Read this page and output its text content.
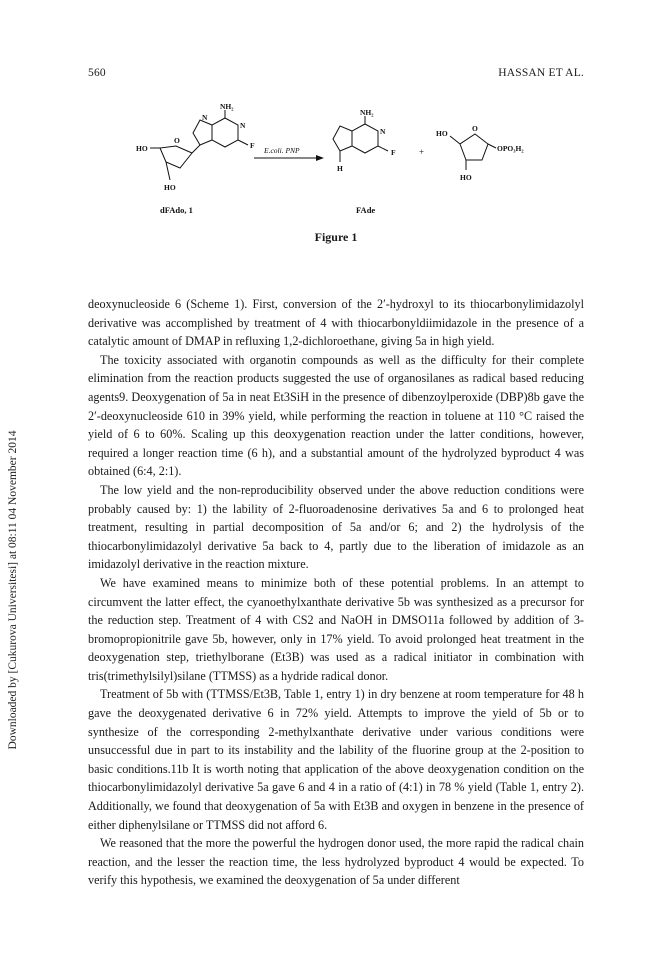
560	HASSAN ET AL.
NH₂
N
N
F
HO
O
HO
E.coli. PNP
NH₂
N
F
H
+
HO
O
OPO₃H₂
HO
dFAdo, 1	FAde
Figure 1
Downloaded by [Cukurova Universitesi] at 08:11 04 November 2014

deoxynucleoside 6 (Scheme 1). First, conversion of the 2′-hydroxyl to its thiocarbonylimidazolyl derivative was accomplished by treatment of 4 with thiocarbonyldiimidazole in the presence of a catalytic amount of DMAP in refluxing 1,2-dichloroethane, giving 5a in high yield.

The toxicity associated with organotin compounds as well as the difficulty for their complete elimination from the reaction products suggested the use of organosilanes as radical based reducing agents9. Deoxygenation of 5a in neat Et3SiH in the presence of dibenzoylperoxide (DBP)8b gave the 2′-deoxynucleoside 610 in 39% yield, while performing the reaction in toluene at 110 °C raised the yield of 6 to 60%. Scaling up this deoxygenation reaction under the latter conditions, however, required a longer reaction time (6 h), and a substantial amount of the hydrolyzed byproduct 4 was obtained (6:4, 2:1).

The low yield and the non-reproducibility observed under the above reduction conditions were probably caused by: 1) the lability of 2-fluoroadenosine derivatives 5a and 6 to prolonged heat treatment, resulting in partial decomposition of 5a and/or 6; and 2) the hydrolysis of the thiocarbonylimidazolyl derivative 5a back to 4, partly due to the liberation of imidazole as an imidazolyl derivative in the reaction mixture.

We have examined means to minimize both of these potential problems. In an attempt to circumvent the latter effect, the cyanoethylxanthate derivative 5b was synthesized as a precursor for the reduction step. Treatment of 4 with CS2 and NaOH in DMSO11a followed by addition of 3-bromopropionitrile gave 5b, however, only in 17% yield. To avoid prolonged heat treatment in the deoxygenation step, triethylborane (Et3B) was used as a radical initiator in combination with tris(trimethylsilyl)silane (TTMSS) as a hydride radical donor.

Treatment of 5b with (TTMSS/Et3B, Table 1, entry 1) in dry benzene at room temperature for 48 h gave the deoxygenated derivative 6 in 72% yield. Attempts to improve the yield of 5b or to synthesize of the corresponding 2-methylxanthate derivative under various conditions were unsuccessful due in part to its instability and the lability of the fluorine group at the 2-position to basic conditions.11b It is worth noting that application of the above deoxygenation condition on the thiocarbonylimidazolyl derivative 5a gave 6 and 4 in a ratio of (4:1) in 78 % yield (Table 1, entry 2). Additionally, we found that deoxygenation of 5a with Et3B and oxygen in benzene in the presence of either diphenylsilane or TTMSS did not afford 6.

We reasoned that the more the powerful the hydrogen donor used, the more rapid the radical chain reaction, and the lesser the reaction time, the less hydrolyzed byproduct 4 would be expected. To verify this hypothesis, we examined the deoxygenation of 5a under different
